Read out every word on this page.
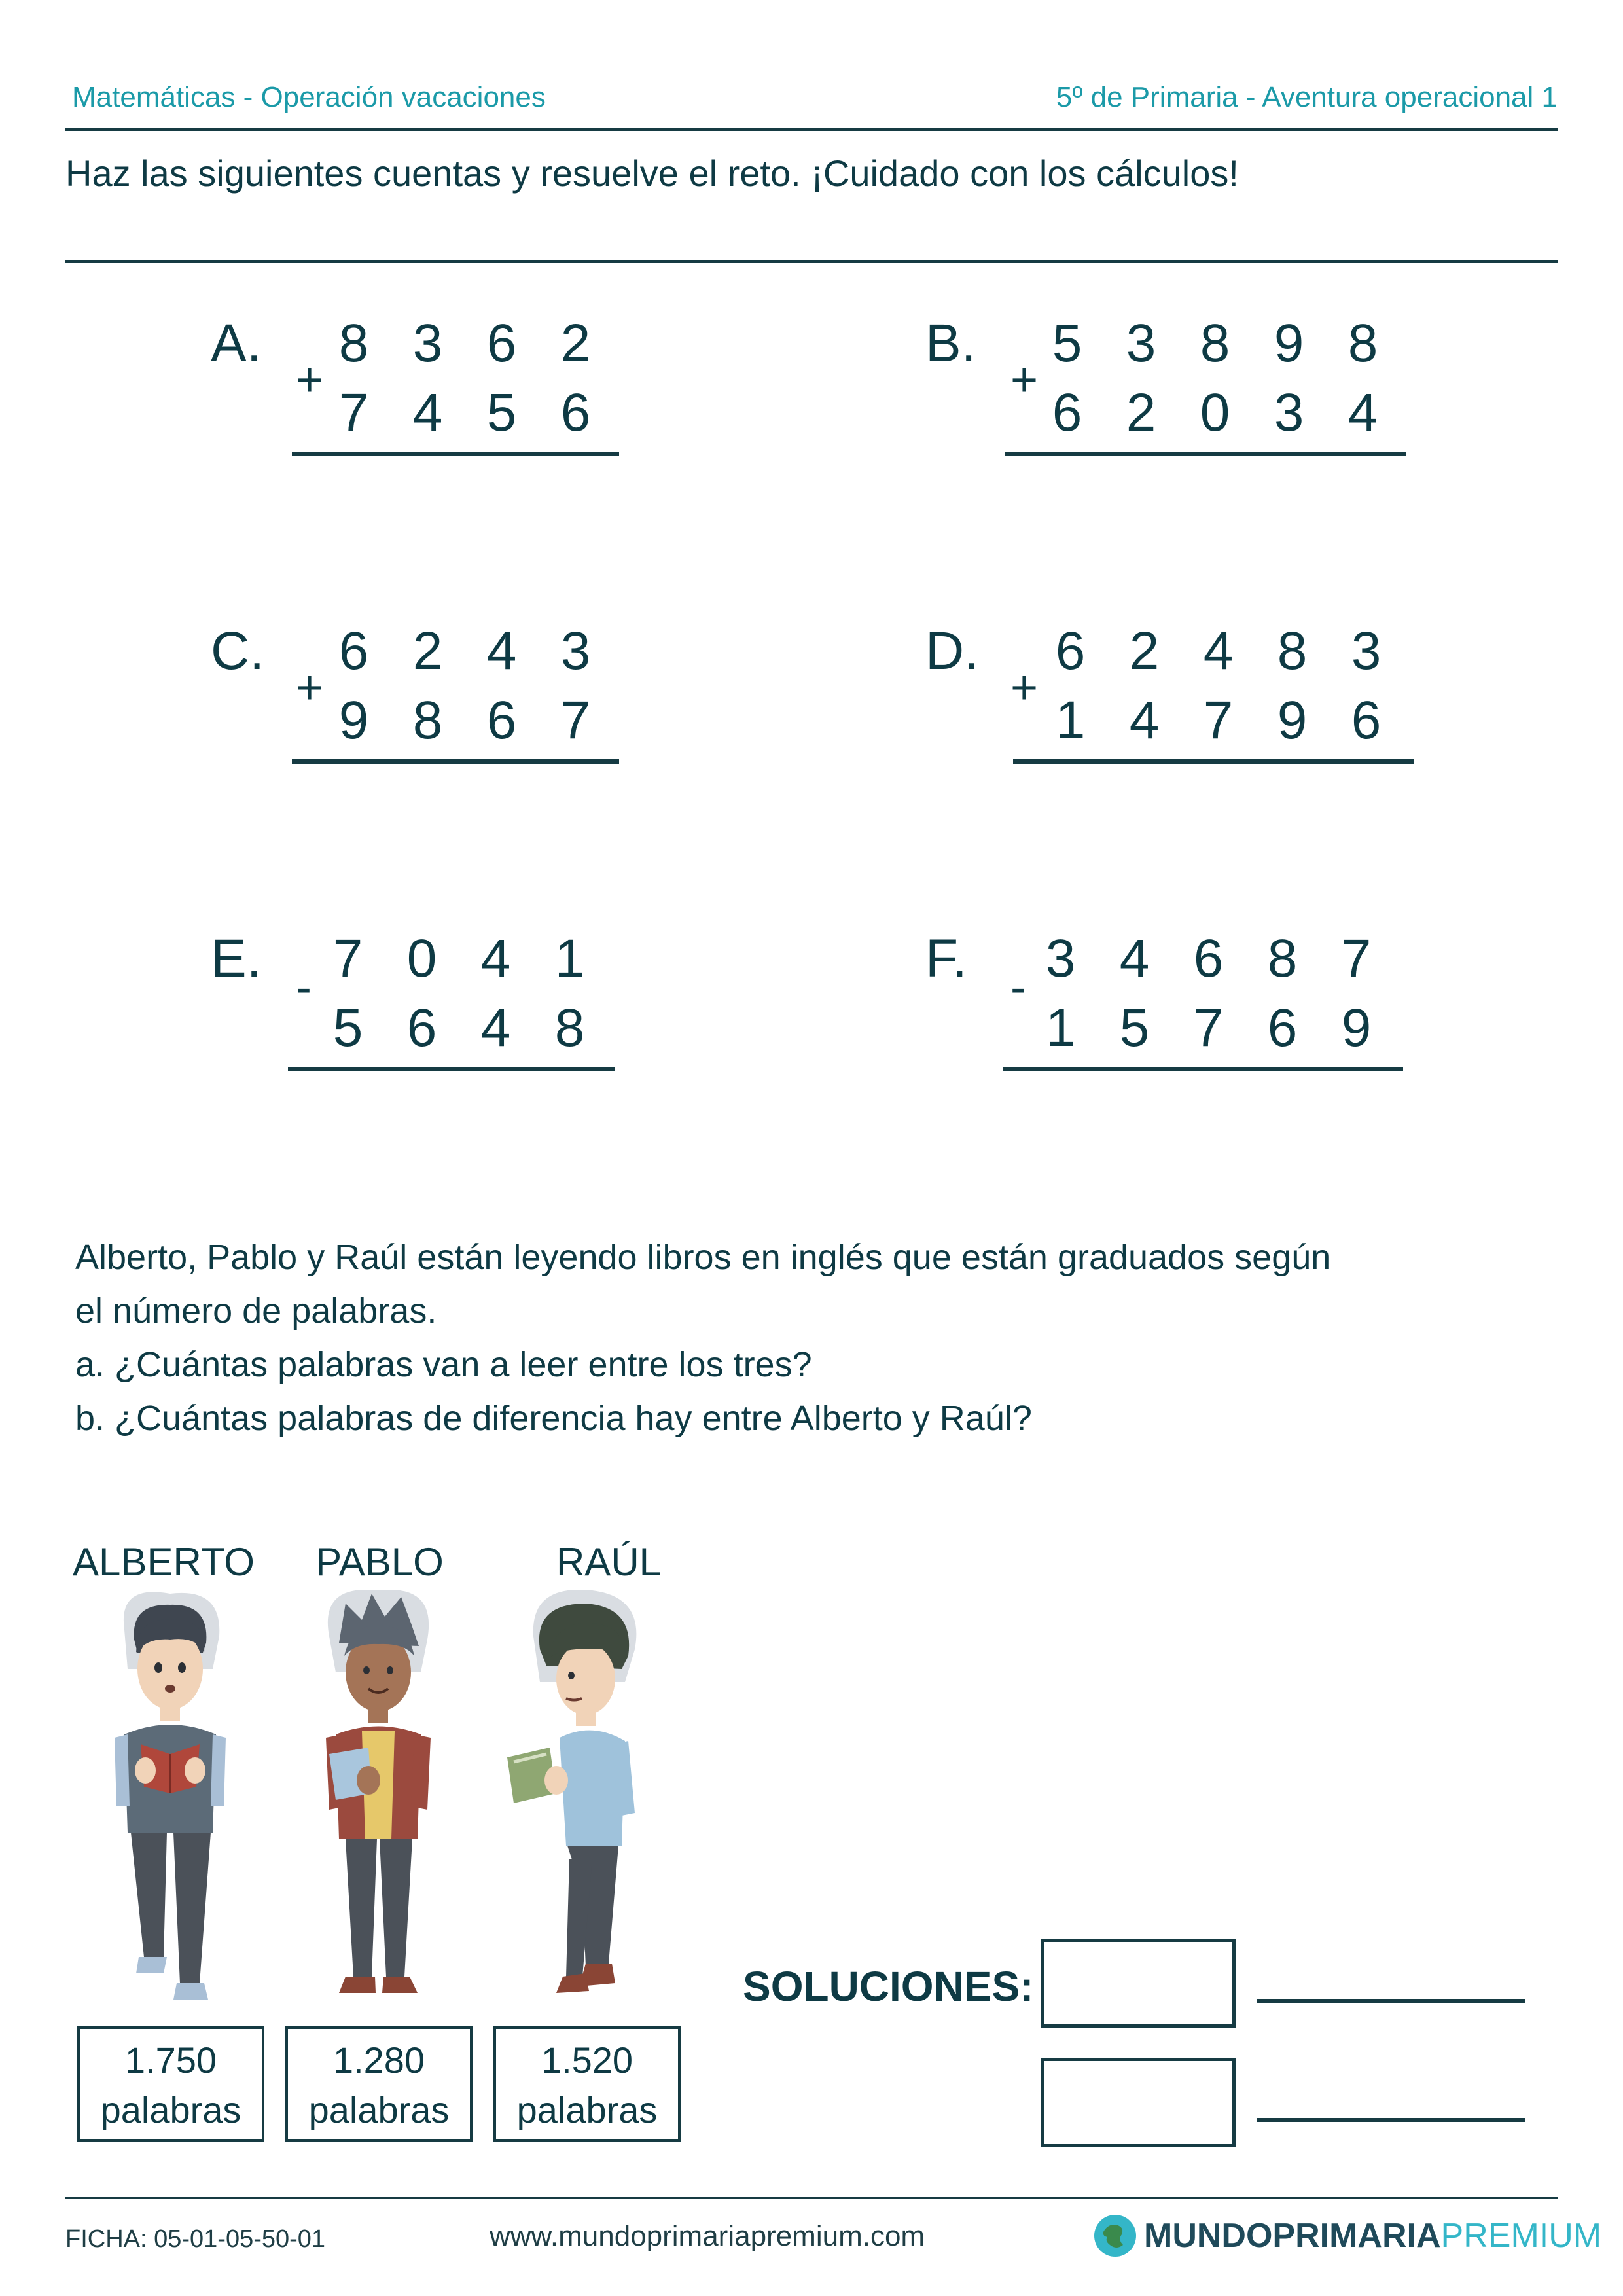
Matemáticas - Operación vacaciones	5º de Primaria - Aventura operacional 1
Haz las siguientes cuentas y resuelve el reto. ¡Cuidado con los cálculos!
A.
+
8 3 6 2
7 4 5 6
B.
+
5 3 8 9 8
6 2 0 3 4
C.
+
6 2 4 3
9 8 6 7
D.
+
6 2 4 8 3
1 4 7 9 6
E. - 7 0 4 1
5 6 4 8
F. - 3 4 6 8 7
1 5 7 6 9
Alberto, Pablo y Raúl están leyendo libros en inglés que están graduados según
el número de palabras.
a. ¿Cuántas palabras van a leer entre los tres?
b. ¿Cuántas palabras de diferencia hay entre Alberto y Raúl?
ALBERTO PABLO	RAÚL
1.750
palabras
1.280
palabras
1.520
palabras
SOLUCIONES:
FICHA: 05-01-05-50-01	www.mundoprimariapremium.com	MUNDOPRIMARIAPREMIUM
